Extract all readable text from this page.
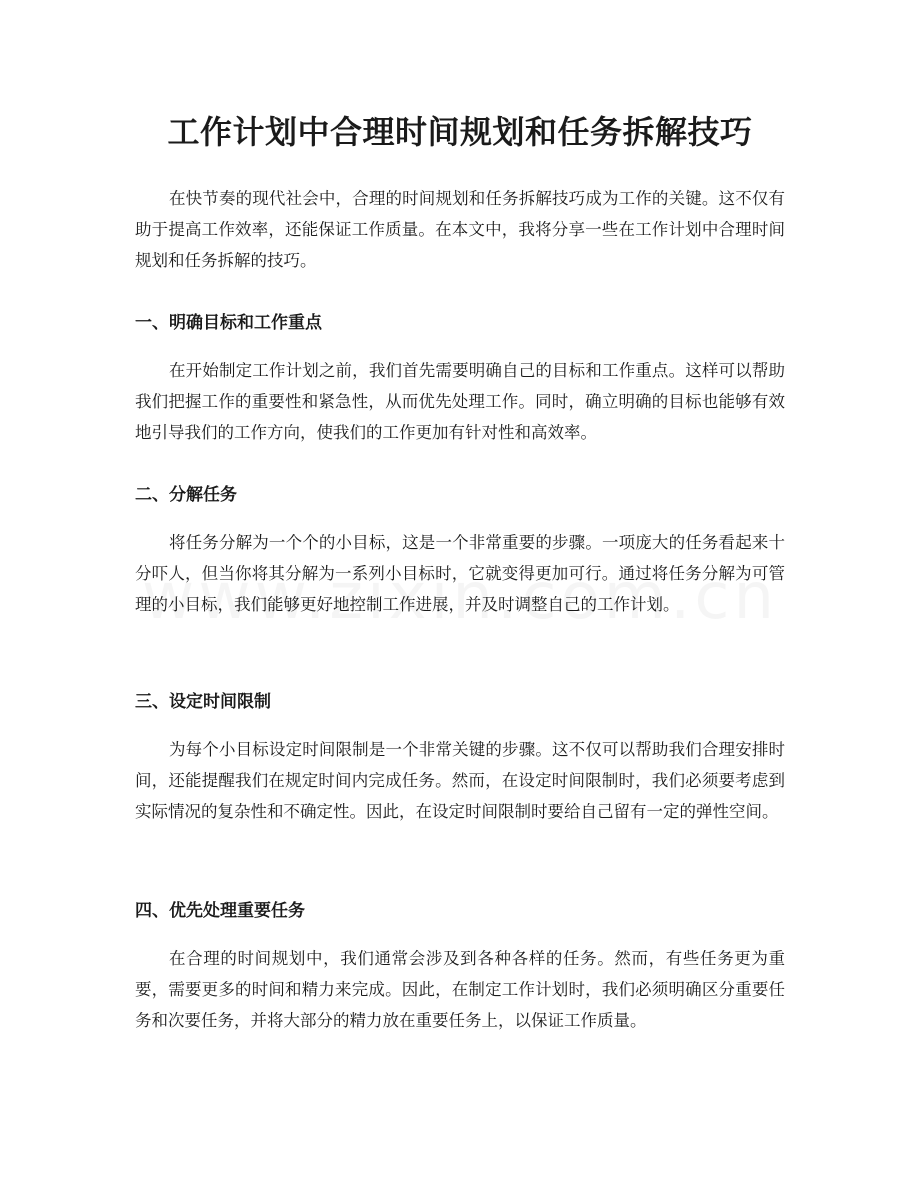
工作计划中合理时间规划和任务拆解技巧

在快节奏的现代社会中，合理的时间规划和任务拆解技巧成为工作的关键。这不仅有助于提高工作效率，还能保证工作质量。在本文中，我将分享一些在工作计划中合理时间规划和任务拆解的技巧。

一、明确目标和工作重点

在开始制定工作计划之前，我们首先需要明确自己的目标和工作重点。这样可以帮助我们把握工作的重要性和紧急性，从而优先处理工作。同时，确立明确的目标也能够有效地引导我们的工作方向，使我们的工作更加有针对性和高效率。

二、分解任务

将任务分解为一个个的小目标，这是一个非常重要的步骤。一项庞大的任务看起来十分吓人，但当你将其分解为一系列小目标时，它就变得更加可行。通过将任务分解为可管理的小目标，我们能够更好地控制工作进展，并及时调整自己的工作计划。

三、设定时间限制

为每个小目标设定时间限制是一个非常关键的步骤。这不仅可以帮助我们合理安排时间，还能提醒我们在规定时间内完成任务。然而，在设定时间限制时，我们必须要考虑到实际情况的复杂性和不确定性。因此，在设定时间限制时要给自己留有一定的弹性空间。

四、优先处理重要任务

在合理的时间规划中，我们通常会涉及到各种各样的任务。然而，有些任务更为重要，需要更多的时间和精力来完成。因此，在制定工作计划时，我们必须明确区分重要任务和次要任务，并将大部分的精力放在重要任务上，以保证工作质量。
